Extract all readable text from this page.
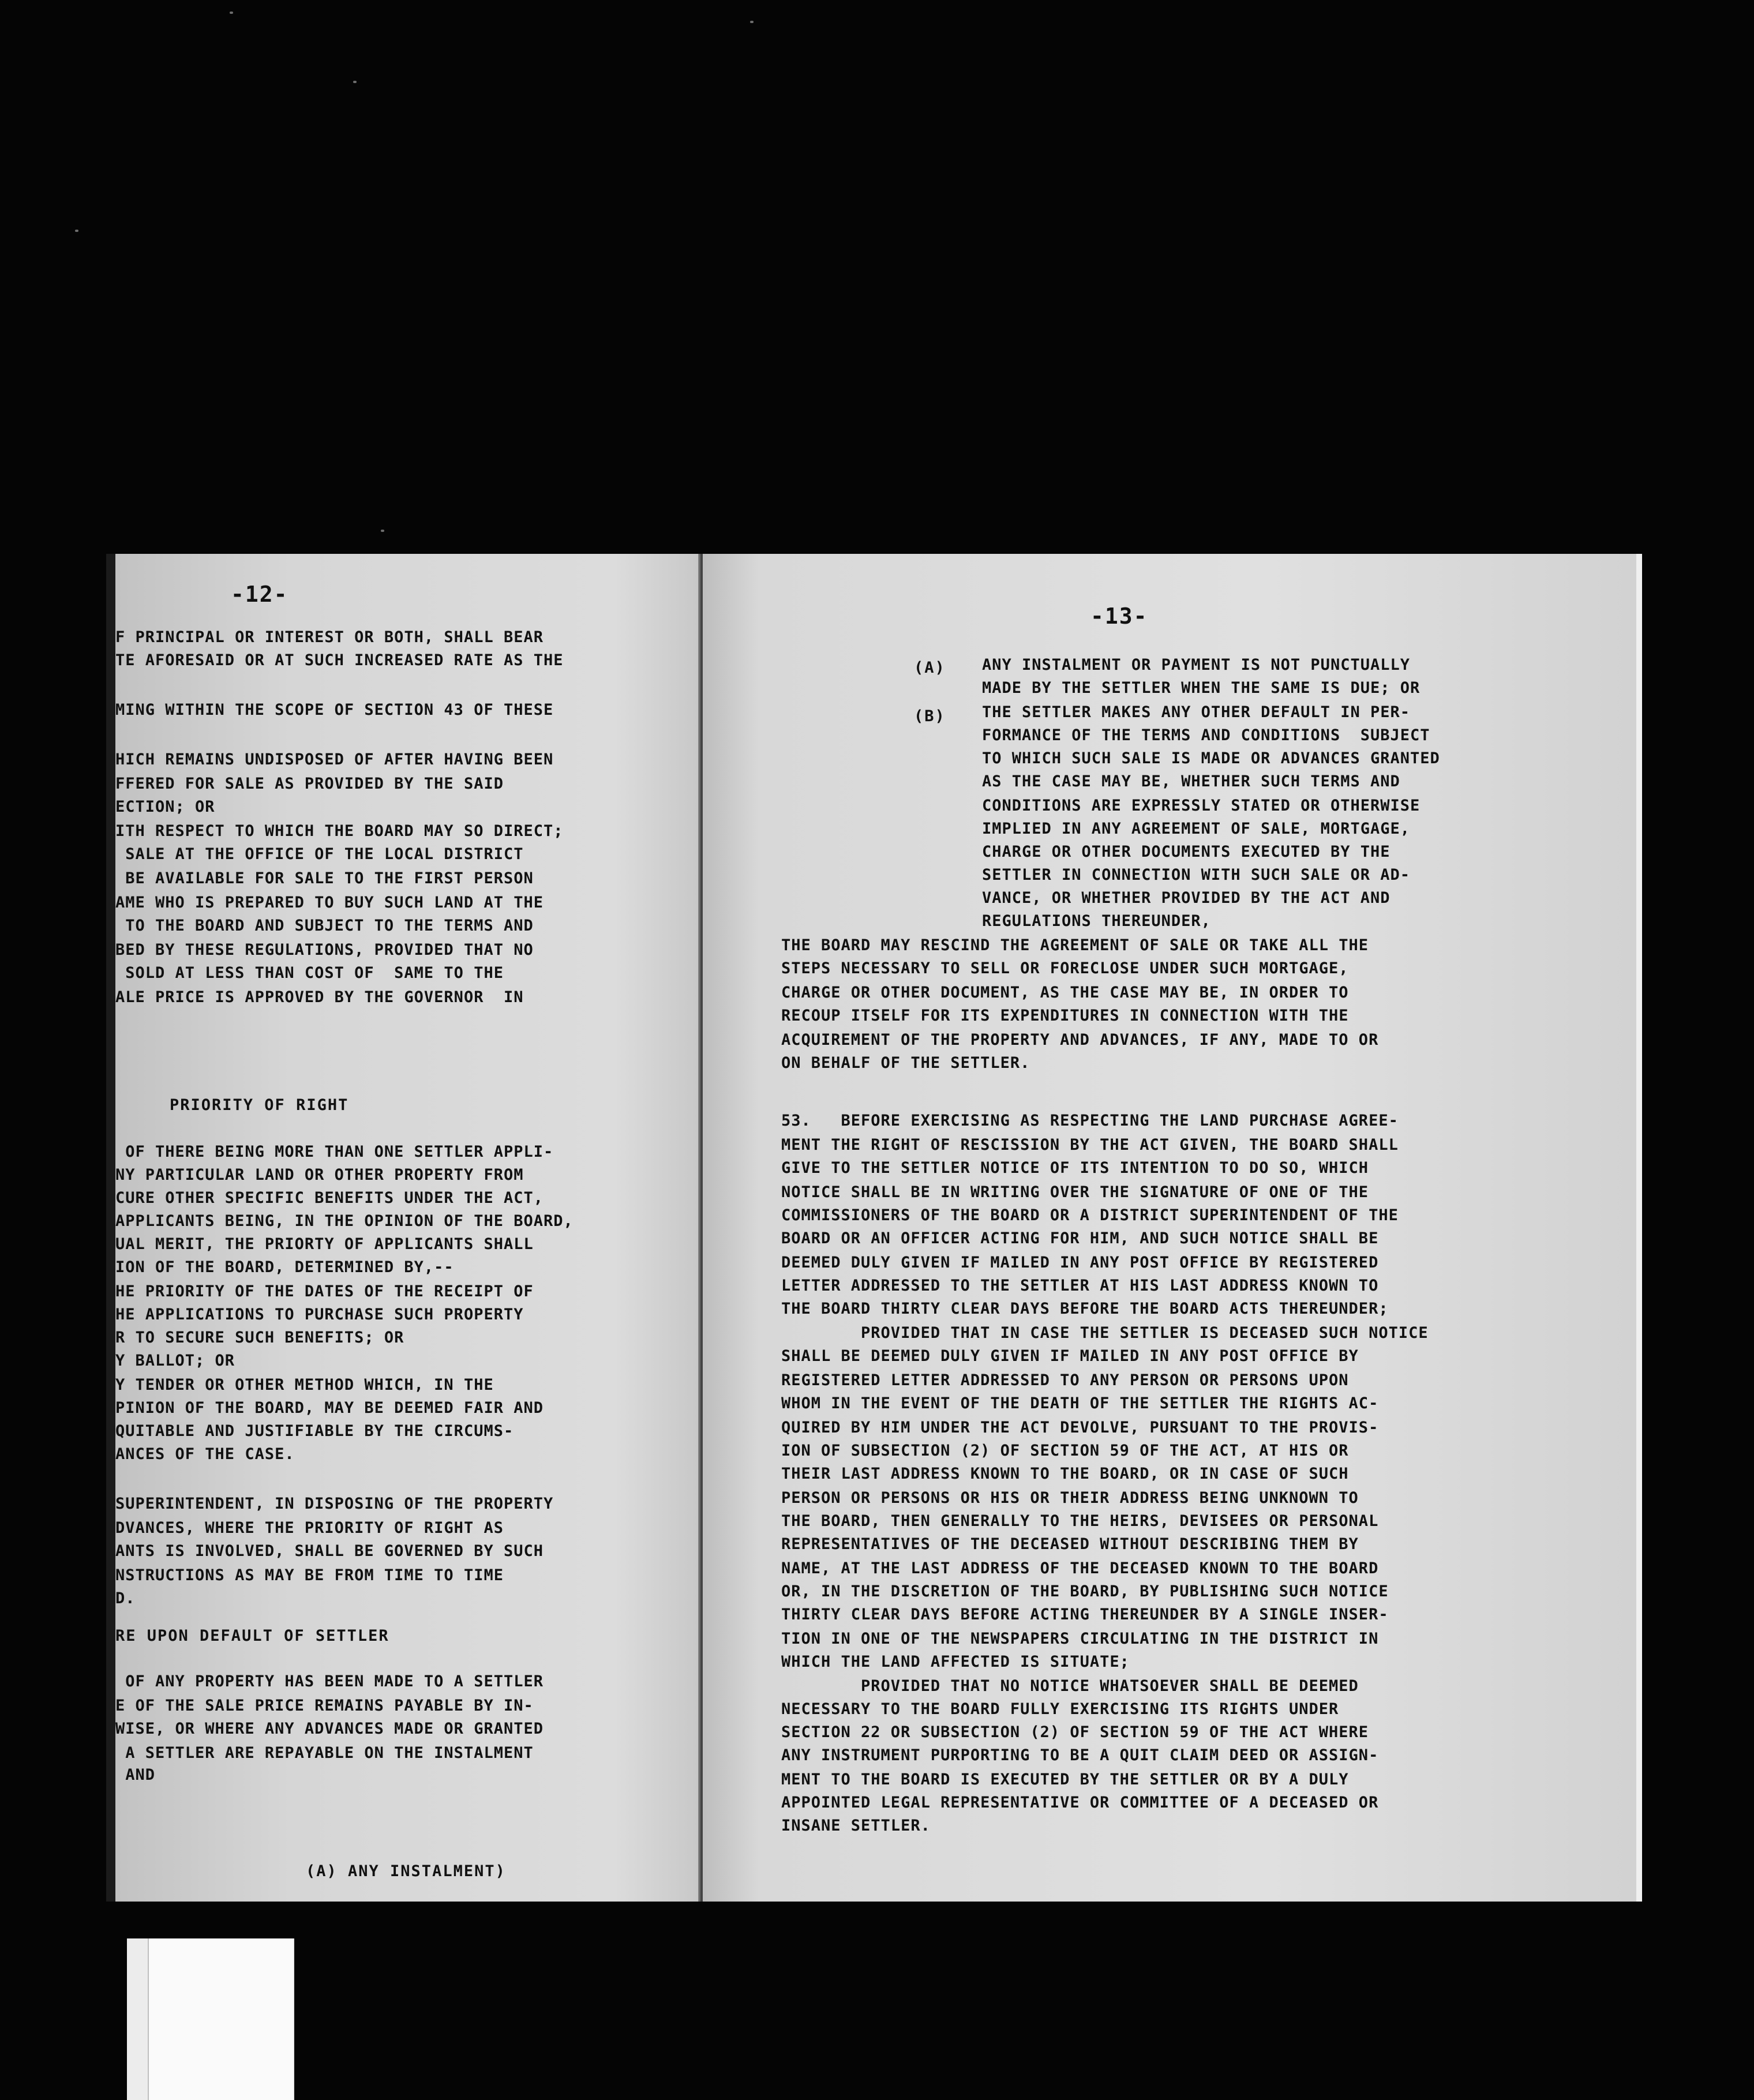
-12-
F PRINCIPAL OR INTEREST OR BOTH, SHALL BEAR
TE AFORESAID OR AT SUCH INCREASED RATE AS THE
MING WITHIN THE SCOPE OF SECTION 43 OF THESE
HICH REMAINS UNDISPOSED OF AFTER HAVING BEEN
FFERED FOR SALE AS PROVIDED BY THE SAID
ECTION; OR
ITH RESPECT TO WHICH THE BOARD MAY SO DIRECT;
SALE AT THE OFFICE OF THE LOCAL DISTRICT
BE AVAILABLE FOR SALE TO THE FIRST PERSON
AME WHO IS PREPARED TO BUY SUCH LAND AT THE
TO THE BOARD AND SUBJECT TO THE TERMS AND
BED BY THESE REGULATIONS, PROVIDED THAT NO
SOLD AT LESS THAN COST OF  SAME TO THE
ALE PRICE IS APPROVED BY THE GOVERNOR  IN
PRIORITY OF RIGHT
OF THERE BEING MORE THAN ONE SETTLER APPLI-
NY PARTICULAR LAND OR OTHER PROPERTY FROM
CURE OTHER SPECIFIC BENEFITS UNDER THE ACT,
APPLICANTS BEING, IN THE OPINION OF THE BOARD,
UAL MERIT, THE PRIORTY OF APPLICANTS SHALL
ION OF THE BOARD, DETERMINED BY,--
HE PRIORITY OF THE DATES OF THE RECEIPT OF
HE APPLICATIONS TO PURCHASE SUCH PROPERTY
R TO SECURE SUCH BENEFITS; OR
Y BALLOT; OR
Y TENDER OR OTHER METHOD WHICH, IN THE
PINION OF THE BOARD, MAY BE DEEMED FAIR AND
QUITABLE AND JUSTIFIABLE BY THE CIRCUMS-
ANCES OF THE CASE.
SUPERINTENDENT, IN DISPOSING OF THE PROPERTY
DVANCES, WHERE THE PRIORITY OF RIGHT AS
ANTS IS INVOLVED, SHALL BE GOVERNED BY SUCH
NSTRUCTIONS AS MAY BE FROM TIME TO TIME
D.
RE UPON DEFAULT OF SETTLER
OF ANY PROPERTY HAS BEEN MADE TO A SETTLER
E OF THE SALE PRICE REMAINS PAYABLE BY IN-
WISE, OR WHERE ANY ADVANCES MADE OR GRANTED
A SETTLER ARE REPAYABLE ON THE INSTALMENT
AND
(A) ANY INSTALMENT)
-13-
(A) ANY INSTALMENT OR PAYMENT IS NOT PUNCTUALLY
MADE BY THE SETTLER WHEN THE SAME IS DUE; OR
(B) THE SETTLER MAKES ANY OTHER DEFAULT IN PER-
FORMANCE OF THE TERMS AND CONDITIONS  SUBJECT
TO WHICH SUCH SALE IS MADE OR ADVANCES GRANTED
AS THE CASE MAY BE, WHETHER SUCH TERMS AND
CONDITIONS ARE EXPRESSLY STATED OR OTHERWISE
IMPLIED IN ANY AGREEMENT OF SALE, MORTGAGE,
CHARGE OR OTHER DOCUMENTS EXECUTED BY THE
SETTLER IN CONNECTION WITH SUCH SALE OR AD-
VANCE, OR WHETHER PROVIDED BY THE ACT AND
REGULATIONS THEREUNDER,
THE BOARD MAY RESCIND THE AGREEMENT OF SALE OR TAKE ALL THE
STEPS NECESSARY TO SELL OR FORECLOSE UNDER SUCH MORTGAGE,
CHARGE OR OTHER DOCUMENT, AS THE CASE MAY BE, IN ORDER TO
RECOUP ITSELF FOR ITS EXPENDITURES IN CONNECTION WITH THE
ACQUIREMENT OF THE PROPERTY AND ADVANCES, IF ANY, MADE TO OR
ON BEHALF OF THE SETTLER.
53.   BEFORE EXERCISING AS RESPECTING THE LAND PURCHASE AGREE-
MENT THE RIGHT OF RESCISSION BY THE ACT GIVEN, THE BOARD SHALL
GIVE TO THE SETTLER NOTICE OF ITS INTENTION TO DO SO, WHICH
NOTICE SHALL BE IN WRITING OVER THE SIGNATURE OF ONE OF THE
COMMISSIONERS OF THE BOARD OR A DISTRICT SUPERINTENDENT OF THE
BOARD OR AN OFFICER ACTING FOR HIM, AND SUCH NOTICE SHALL BE
DEEMED DULY GIVEN IF MAILED IN ANY POST OFFICE BY REGISTERED
LETTER ADDRESSED TO THE SETTLER AT HIS LAST ADDRESS KNOWN TO
THE BOARD THIRTY CLEAR DAYS BEFORE THE BOARD ACTS THEREUNDER;
PROVIDED THAT IN CASE THE SETTLER IS DECEASED SUCH NOTICE
SHALL BE DEEMED DULY GIVEN IF MAILED IN ANY POST OFFICE BY
REGISTERED LETTER ADDRESSED TO ANY PERSON OR PERSONS UPON
WHOM IN THE EVENT OF THE DEATH OF THE SETTLER THE RIGHTS AC-
QUIRED BY HIM UNDER THE ACT DEVOLVE, PURSUANT TO THE PROVIS-
ION OF SUBSECTION (2) OF SECTION 59 OF THE ACT, AT HIS OR
THEIR LAST ADDRESS KNOWN TO THE BOARD, OR IN CASE OF SUCH
PERSON OR PERSONS OR HIS OR THEIR ADDRESS BEING UNKNOWN TO
THE BOARD, THEN GENERALLY TO THE HEIRS, DEVISEES OR PERSONAL
REPRESENTATIVES OF THE DECEASED WITHOUT DESCRIBING THEM BY
NAME, AT THE LAST ADDRESS OF THE DECEASED KNOWN TO THE BOARD
OR, IN THE DISCRETION OF THE BOARD, BY PUBLISHING SUCH NOTICE
THIRTY CLEAR DAYS BEFORE ACTING THEREUNDER BY A SINGLE INSER-
TION IN ONE OF THE NEWSPAPERS CIRCULATING IN THE DISTRICT IN
WHICH THE LAND AFFECTED IS SITUATE;
PROVIDED THAT NO NOTICE WHATSOEVER SHALL BE DEEMED
NECESSARY TO THE BOARD FULLY EXERCISING ITS RIGHTS UNDER
SECTION 22 OR SUBSECTION (2) OF SECTION 59 OF THE ACT WHERE
ANY INSTRUMENT PURPORTING TO BE A QUIT CLAIM DEED OR ASSIGN-
MENT TO THE BOARD IS EXECUTED BY THE SETTLER OR BY A DULY
APPOINTED LEGAL REPRESENTATIVE OR COMMITTEE OF A DECEASED OR
INSANE SETTLER.
